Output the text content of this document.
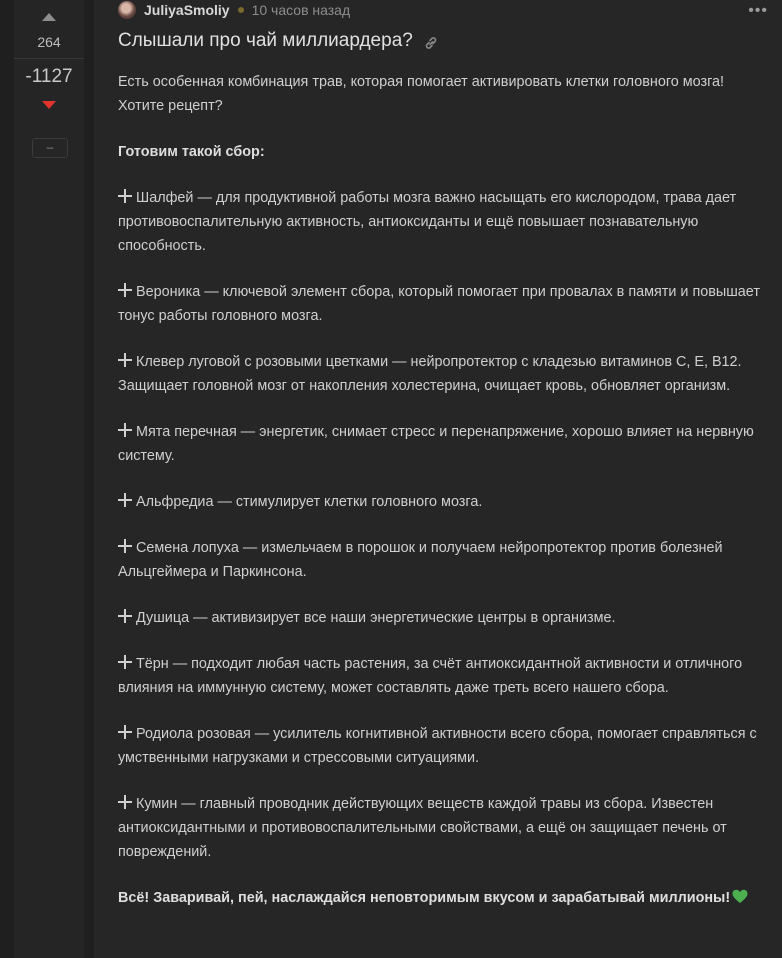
264
-1127
–
JuliyaSmoliy 10 часов назад	•••
Слышали про чай миллиардера?

Есть особенная комбинация трав, которая помогает активировать клетки головного мозга! Хотите рецепт?

Готовим такой сбор:

Шалфей — для продуктивной работы мозга важно насыщать его кислородом, трава дает противовоспалительную активность, антиоксиданты и ещё повышает познавательную способность.

Вероника — ключевой элемент сбора, который помогает при провалах в памяти и повышает тонус работы головного мозга.

Клевер луговой с розовыми цветками — нейропротектор с кладезью витаминов C, E, B12. Защищает головной мозг от накопления холестерина, очищает кровь, обновляет организм.

Мята перечная — энергетик, снимает стресс и перенапряжение, хорошо влияет на нервную систему.

Альфредиа — стимулирует клетки головного мозга.

Семена лопуха — измельчаем в порошок и получаем нейропротектор против болезней Альцгеймера и Паркинсона.

Душица — активизирует все наши энергетические центры в организме.

Тёрн — подходит любая часть растения, за счёт антиоксидантной активности и отличного влияния на иммунную систему, может составлять даже треть всего нашего сбора.

Родиола розовая — усилитель когнитивной активности всего сбора, помогает справляться с умственными нагрузками и стрессовыми ситуациями.

Кумин — главный проводник действующих веществ каждой травы из сбора. Известен антиоксидантными и противовоспалительными свойствами, а ещё он защищает печень от повреждений.

Всё! Заваривай, пей, наслаждайся неповторимым вкусом и зарабатывай миллионы!
